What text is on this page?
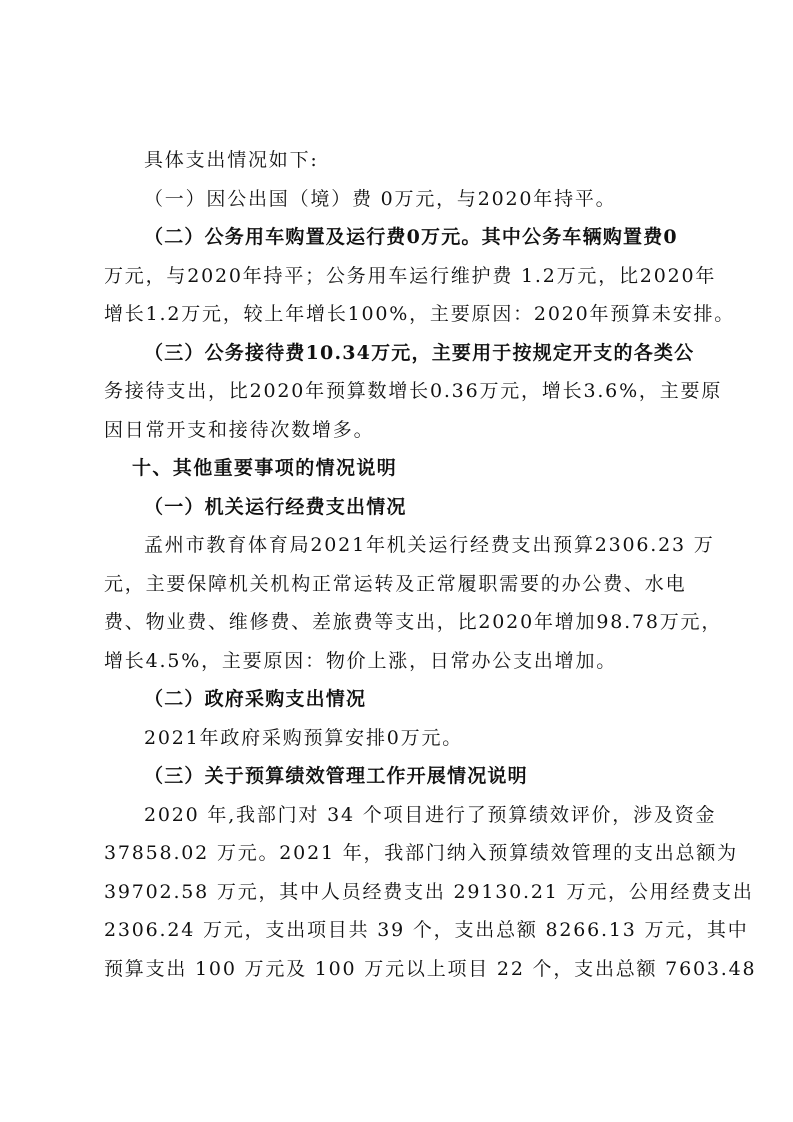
具体支出情况如下:
（一）因公出国（境）费 0万元，与2020年持平。
（二）公务用车购置及运行费0万元。其中公务车辆购置费0
万元，与2020年持平；公务用车运行维护费 1.2万元，比2020年
增长1.2万元，较上年增长100%，主要原因：2020年预算未安排。
（三）公务接待费10.34万元，主要用于按规定开支的各类公
务接待支出，比2020年预算数增长0.36万元，增长3.6%，主要原
因日常开支和接待次数增多。
十、其他重要事项的情况说明
（一）机关运行经费支出情况
孟州市教育体育局2021年机关运行经费支出预算2306.23 万
元，主要保障机关机构正常运转及正常履职需要的办公费、水电
费、物业费、维修费、差旅费等支出，比2020年增加98.78万元，
增长4.5%，主要原因：物价上涨，日常办公支出增加。
（二）政府采购支出情况
2021年政府采购预算安排0万元。
（三）关于预算绩效管理工作开展情况说明
2020 年,我部门对 34 个项目进行了预算绩效评价，涉及资金
37858.02 万元。2021 年，我部门纳入预算绩效管理的支出总额为
39702.58 万元，其中人员经费支出 29130.21 万元，公用经费支出
2306.24 万元，支出项目共 39 个，支出总额 8266.13 万元，其中
预算支出 100 万元及 100 万元以上项目 22 个，支出总额 7603.48
